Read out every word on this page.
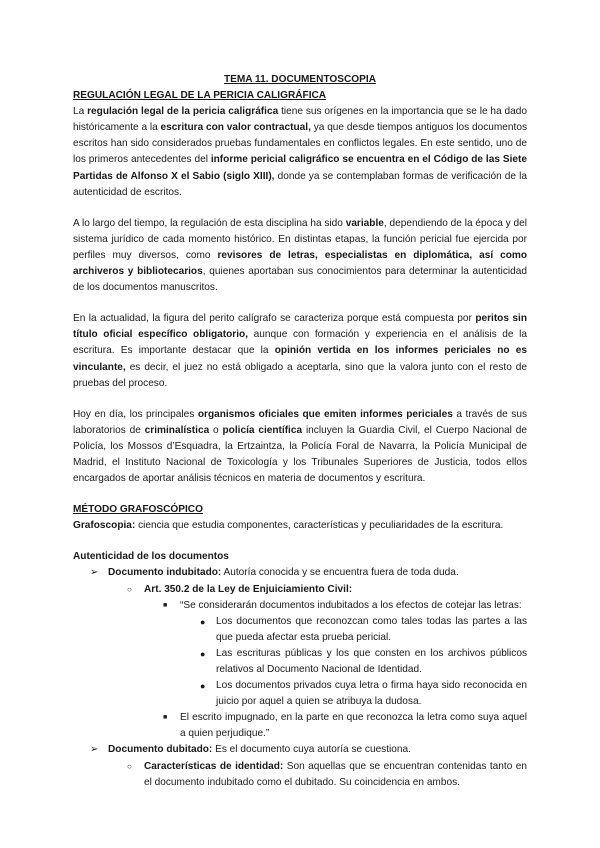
TEMA 11. DOCUMENTOSCOPIA

REGULACIÓN LEGAL DE LA PERICIA CALIGRÁFICA

La regulación legal de la pericia caligráfica tiene sus orígenes en la importancia que se le ha dado históricamente a la escritura con valor contractual, ya que desde tiempos antiguos los documentos escritos han sido considerados pruebas fundamentales en conflictos legales. En este sentido, uno de los primeros antecedentes del informe pericial caligráfico se encuentra en el Código de las Siete Partidas de Alfonso X el Sabio (siglo XIII), donde ya se contemplaban formas de verificación de la autenticidad de escritos.

A lo largo del tiempo, la regulación de esta disciplina ha sido variable, dependiendo de la época y del sistema jurídico de cada momento histórico. En distintas etapas, la función pericial fue ejercida por perfiles muy diversos, como revisores de letras, especialistas en diplomática, así como archiveros y bibliotecarios, quienes aportaban sus conocimientos para determinar la autenticidad de los documentos manuscritos.

En la actualidad, la figura del perito calígrafo se caracteriza porque está compuesta por peritos sin título oficial específico obligatorio, aunque con formación y experiencia en el análisis de la escritura. Es importante destacar que la opinión vertida en los informes periciales no es vinculante, es decir, el juez no está obligado a aceptarla, sino que la valora junto con el resto de pruebas del proceso.

Hoy en día, los principales organismos oficiales que emiten informes periciales a través de sus laboratorios de criminalística o policía científica incluyen la Guardia Civil, el Cuerpo Nacional de Policía, los Mossos d’Esquadra, la Ertzaintza, la Policía Foral de Navarra, la Policía Municipal de Madrid, el Instituto Nacional de Toxicología y los Tribunales Superiores de Justicia, todos ellos encargados de aportar análisis técnicos en materia de documentos y escritura.

MÉTODO GRAFOSCÓPICO

Grafoscopia: ciencia que estudia componentes, características y peculiaridades de la escritura.

Autenticidad de los documentos

➢ Documento indubitado: Autoría conocida y se encuentra fuera de toda duda.
○ Art. 350.2 de la Ley de Enjuiciamiento Civil:
■ “Se considerarán documentos indubitados a los efectos de cotejar las letras:
● Los documentos que reconozcan como tales todas las partes a las que pueda afectar esta prueba pericial.
● Las escrituras públicas y los que consten en los archivos públicos relativos al Documento Nacional de Identidad.
● Los documentos privados cuya letra o firma haya sido reconocida en juicio por aquel a quien se atribuya la dudosa.
■ El escrito impugnado, en la parte en que reconozca la letra como suya aquel a quien perjudique.”
➢ Documento dubitado: Es el documento cuya autoría se cuestiona.
○ Características de identidad: Son aquellas que se encuentran contenidas tanto en el documento indubitado como el dubitado. Su coincidencia en ambos.
